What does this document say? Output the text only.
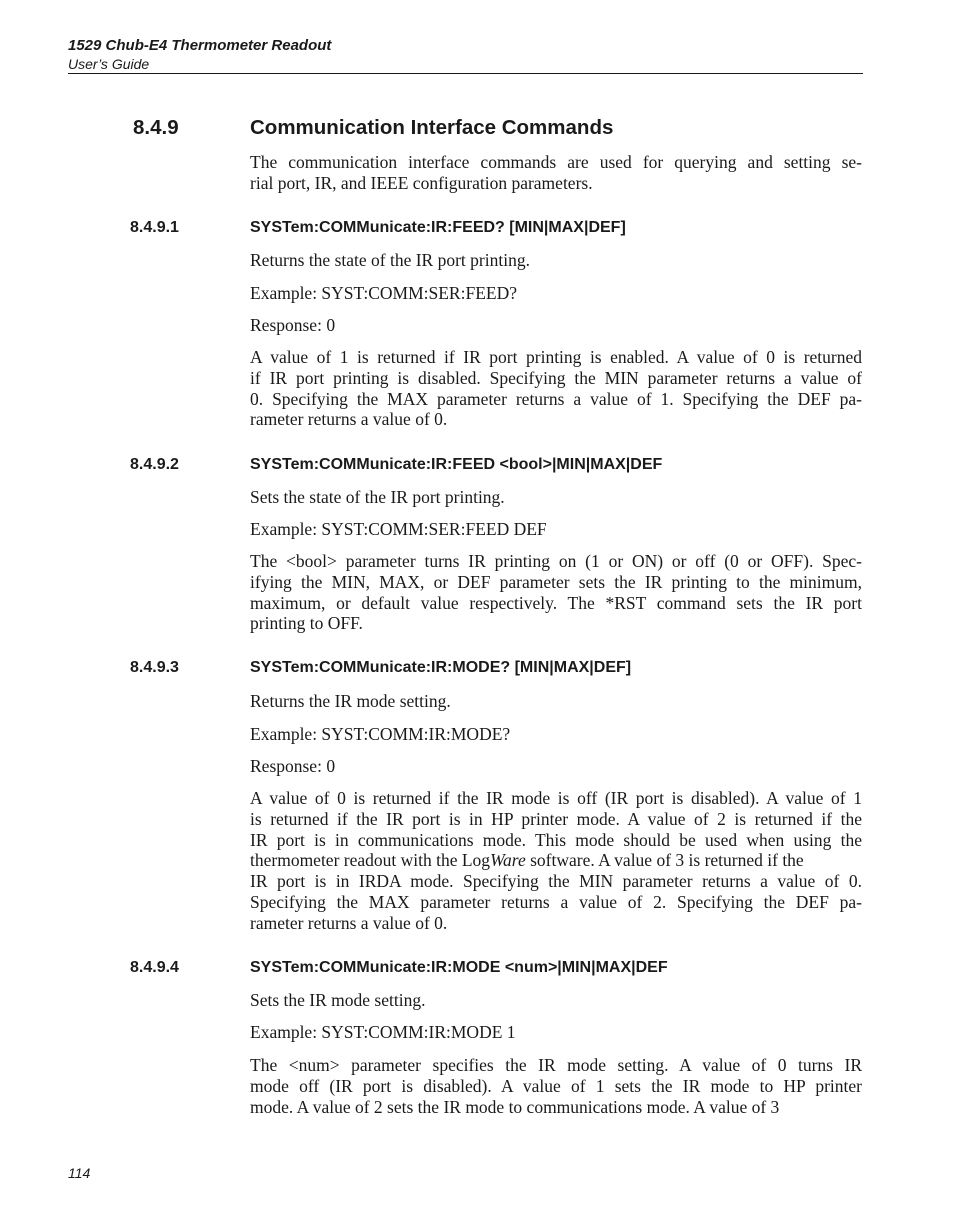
1529 Chub-E4 Thermometer Readout
User’s Guide
8.4.9	Communication Interface Commands
The communication interface commands are used for querying and setting se-
rial port, IR, and IEEE configuration parameters.
8.4.9.1	SYSTem:COMMunicate:IR:FEED? [MIN|MAX|DEF]
Returns the state of the IR port printing.
Example: SYST:COMM:SER:FEED?
Response: 0
A value of 1 is returned if IR port printing is enabled. A value of 0 is returned
if IR port printing is disabled. Specifying the MIN parameter returns a value of
0. Specifying the MAX parameter returns a value of 1. Specifying the DEF pa-
rameter returns a value of 0.
8.4.9.2	SYSTem:COMMunicate:IR:FEED <bool>|MIN|MAX|DEF
Sets the state of the IR port printing.
Example: SYST:COMM:SER:FEED DEF
The <bool> parameter turns IR printing on (1 or ON) or off (0 or OFF). Spec-
ifying the MIN, MAX, or DEF parameter sets the IR printing to the minimum,
maximum, or default value respectively. The *RST command sets the IR port
printing to OFF.
8.4.9.3	SYSTem:COMMunicate:IR:MODE? [MIN|MAX|DEF]
Returns the IR mode setting.
Example: SYST:COMM:IR:MODE?
Response: 0
A value of 0 is returned if the IR mode is off (IR port is disabled). A value of 1
is returned if the IR port is in HP printer mode. A value of 2 is returned if the
IR port is in communications mode. This mode should be used when using the
thermometer readout with the LogWare software. A value of 3 is returned if the
IR port is in IRDA mode. Specifying the MIN parameter returns a value of 0.
Specifying the MAX parameter returns a value of 2. Specifying the DEF pa-
rameter returns a value of 0.
8.4.9.4	SYSTem:COMMunicate:IR:MODE <num>|MIN|MAX|DEF
Sets the IR mode setting.
Example: SYST:COMM:IR:MODE 1
The <num> parameter specifies the IR mode setting. A value of 0 turns IR
mode off (IR port is disabled). A value of 1 sets the IR mode to HP printer
mode. A value of 2 sets the IR mode to communications mode. A value of 3
114
